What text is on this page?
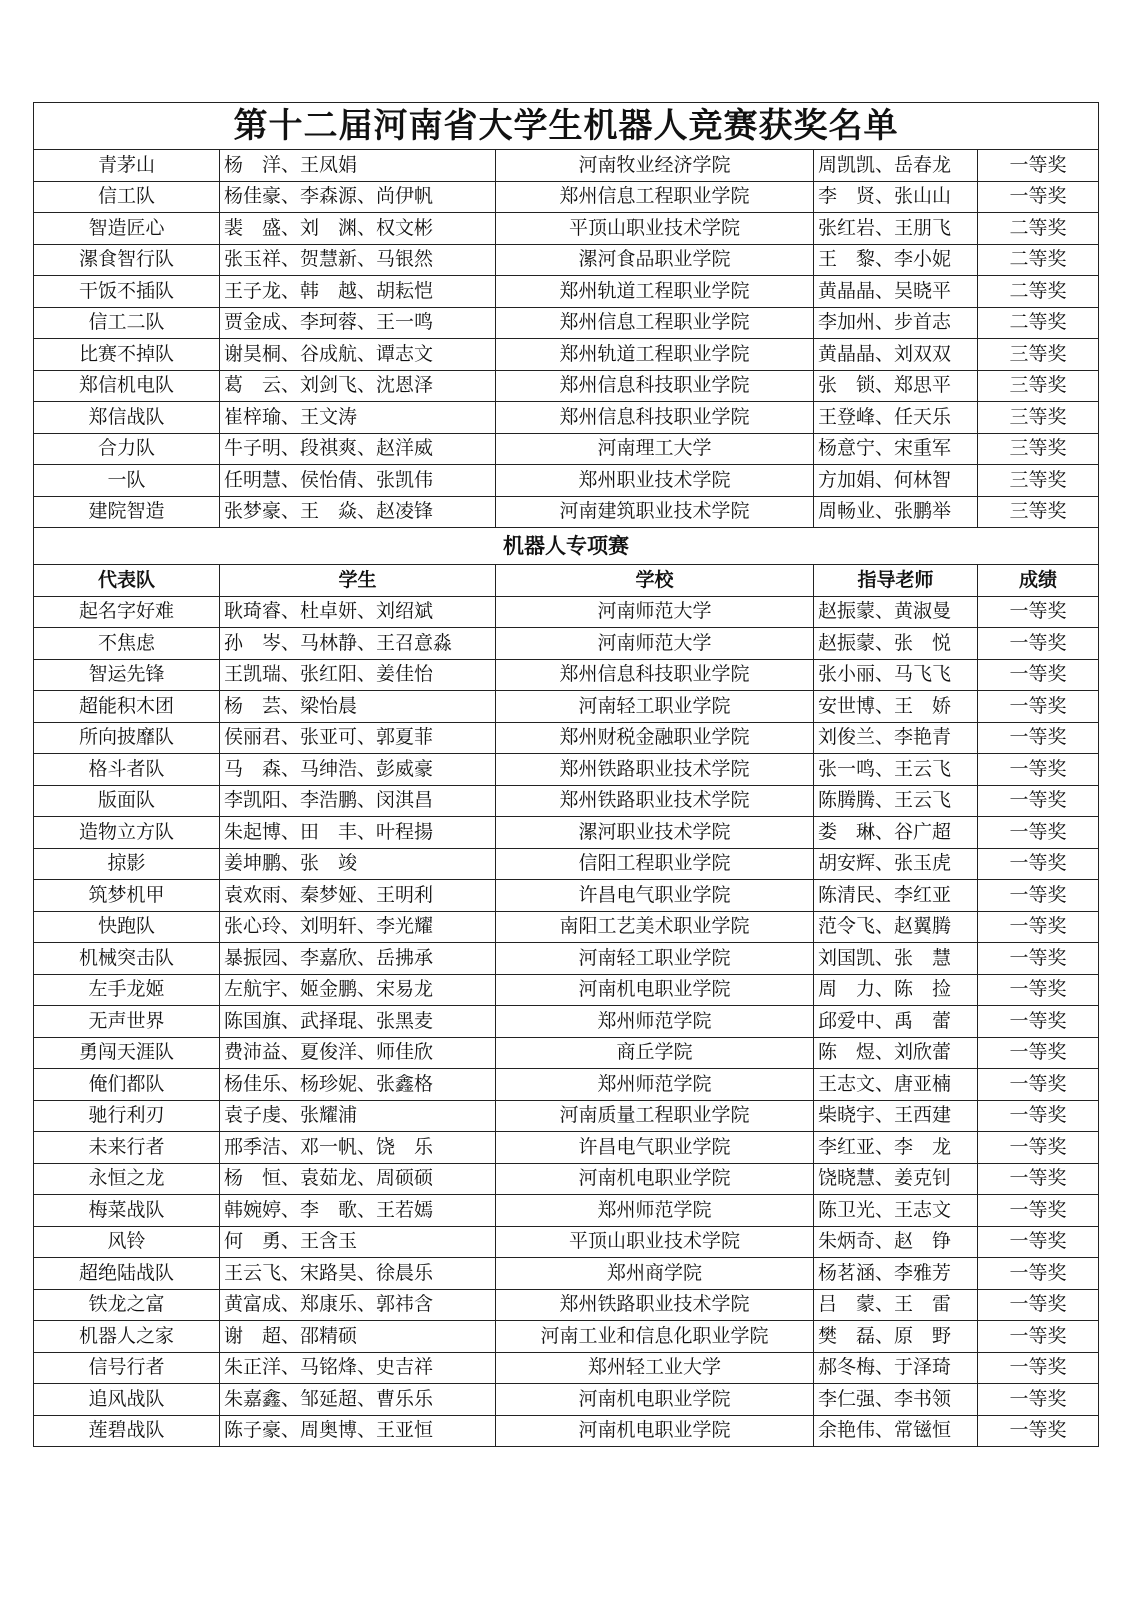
第十二届河南省大学生机器人竞赛获奖名单				
青茅山	杨　洋、王凤娟	河南牧业经济学院	周凯凯、岳春龙	一等奖
信工队	杨佳豪、李森源、尚伊帆	郑州信息工程职业学院	李　贤、张山山	一等奖
智造匠心	裴　盛、刘　渊、权文彬	平顶山职业技术学院	张红岩、王朋飞	二等奖
漯食智行队	张玉祥、贺慧新、马银然	漯河食品职业学院	王　黎、李小妮	二等奖
干饭不插队	王子龙、韩　越、胡耘恺	郑州轨道工程职业学院	黄晶晶、吴晓平	二等奖
信工二队	贾金成、李珂蓉、王一鸣	郑州信息工程职业学院	李加州、步首志	二等奖
比赛不掉队	谢昊桐、谷成航、谭志文	郑州轨道工程职业学院	黄晶晶、刘双双	三等奖
郑信机电队	葛　云、刘剑飞、沈恩泽	郑州信息科技职业学院	张　锁、郑思平	三等奖
郑信战队	崔梓瑜、王文涛	郑州信息科技职业学院	王登峰、任天乐	三等奖
合力队	牛子明、段祺爽、赵洋威	河南理工大学	杨意宁、宋重军	三等奖
一队	任明慧、侯怡倩、张凯伟	郑州职业技术学院	方加娟、何林智	三等奖
建院智造	张梦豪、王　焱、赵凌锋	河南建筑职业技术学院	周畅业、张鹏举	三等奖
机器人专项赛				
代表队	学生	学校	指导老师	成绩
起名字好难	耿琦睿、杜卓妍、刘绍斌	河南师范大学	赵振蒙、黄淑曼	一等奖
不焦虑	孙　岑、马林静、王召意淼	河南师范大学	赵振蒙、张　悦	一等奖
智运先锋	王凯瑞、张红阳、姜佳怡	郑州信息科技职业学院	张小丽、马飞飞	一等奖
超能积木团	杨　芸、梁怡晨	河南轻工职业学院	安世博、王　娇	一等奖
所向披靡队	侯丽君、张亚可、郭夏菲	郑州财税金融职业学院	刘俊兰、李艳青	一等奖
格斗者队	马　森、马绅浩、彭威豪	郑州铁路职业技术学院	张一鸣、王云飞	一等奖
版面队	李凯阳、李浩鹏、闵淇昌	郑州铁路职业技术学院	陈腾腾、王云飞	一等奖
造物立方队	朱起博、田　丰、叶程揚	漯河职业技术学院	娄　琳、谷广超	一等奖
掠影	姜坤鹏、张　竣	信阳工程职业学院	胡安辉、张玉虎	一等奖
筑梦机甲	袁欢雨、秦梦娅、王明利	许昌电气职业学院	陈清民、李红亚	一等奖
快跑队	张心玲、刘明轩、李光耀	南阳工艺美术职业学院	范令飞、赵翼腾	一等奖
机械突击队	暴振园、李嘉欣、岳拂承	河南轻工职业学院	刘国凯、张　慧	一等奖
左手龙姬	左航宇、姬金鹏、宋易龙	河南机电职业学院	周　力、陈　捡	一等奖
无声世界	陈国旗、武择琨、张黑麦	郑州师范学院	邱爱中、禹　蕾	一等奖
勇闯天涯队	费沛益、夏俊洋、师佳欣	商丘学院	陈　煜、刘欣蕾	一等奖
俺们都队	杨佳乐、杨珍妮、张鑫格	郑州师范学院	王志文、唐亚楠	一等奖
驰行利刃	袁子虔、张耀浦	河南质量工程职业学院	柴晓宇、王西建	一等奖
未来行者	邢季洁、邓一帆、饶　乐	许昌电气职业学院	李红亚、李　龙	一等奖
永恒之龙	杨　恒、袁茹龙、周硕硕	河南机电职业学院	饶晓慧、姜克钊	一等奖
梅菜战队	韩婉婷、李　歌、王若嫣	郑州师范学院	陈卫光、王志文	一等奖
风铃	何　勇、王含玉	平顶山职业技术学院	朱炳奇、赵　铮	一等奖
超绝陆战队	王云飞、宋路昊、徐晨乐	郑州商学院	杨茗涵、李雅芳	一等奖
铁龙之富	黄富成、郑康乐、郭祎含	郑州铁路职业技术学院	吕　蒙、王　雷	一等奖
机器人之家	谢　超、邵精硕	河南工业和信息化职业学院	樊　磊、原　野	一等奖
信号行者	朱正洋、马铭烽、史吉祥	郑州轻工业大学	郝冬梅、于泽琦	一等奖
追风战队	朱嘉鑫、邹延超、曹乐乐	河南机电职业学院	李仁强、李书领	一等奖
莲碧战队	陈子豪、周奥博、王亚恒	河南机电职业学院	余艳伟、常镃恒	一等奖
